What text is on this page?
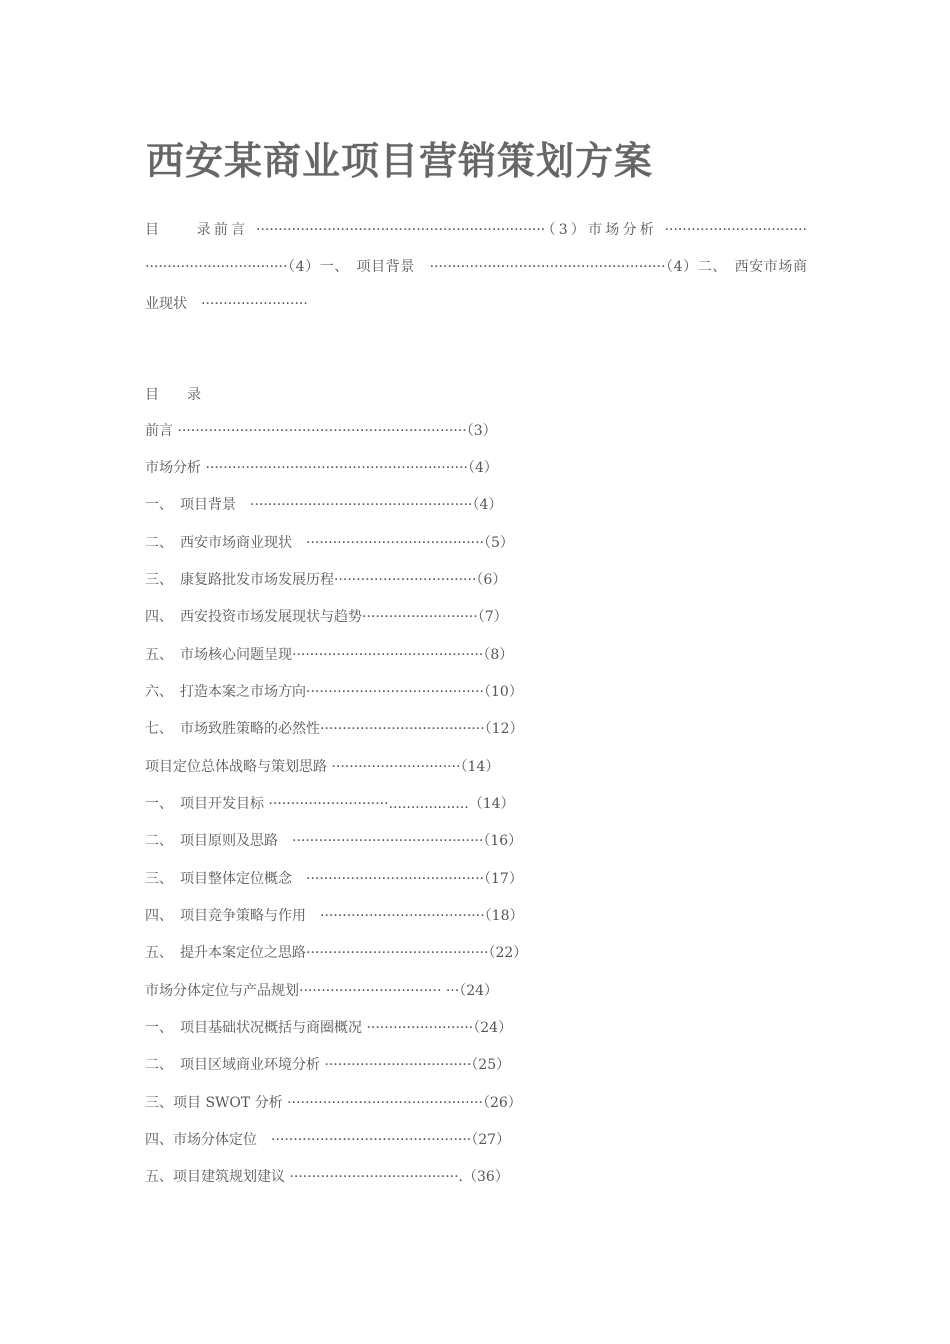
西安某商业项目营销策划方案

目　　录前言 ·································································（3）市场分析 ································ ································（4）一、　项目背景　·····················································（4）二、　西安市场商业现状　························

目　　录
前言 ·································································（3）
市场分析 ···························································（4）
一、　项目背景　··················································（4）
二、　西安市场商业现状　········································（5）
三、　康复路批发市场发展历程································（6）
四、　西安投资市场发展现状与趋势··························（7）
五、　市场核心问题呈现···········································（8）
六、　打造本案之市场方向········································（10）
七、　市场致胜策略的必然性·····································（12）
项目定位总体战略与策划思路 ·····························（14）
一、　项目开发目标 ···························..................（14）
二、　项目原则及思路　···········································（16）
三、　项目整体定位概念　········································（17）
四、　项目竞争策略与作用　·····································（18）
五、　提升本案定位之思路·········································（22）
市场分体定位与产品规划································ ···（24）
一、　项目基础状况概括与商圈概况 ························（24）
二、　项目区域商业环境分析 ·································（25）
三、项目 SWOT 分析 ············································（26）
四、市场分体定位　·············································（27）
五、项目建筑规划建议 ······································.（36）
